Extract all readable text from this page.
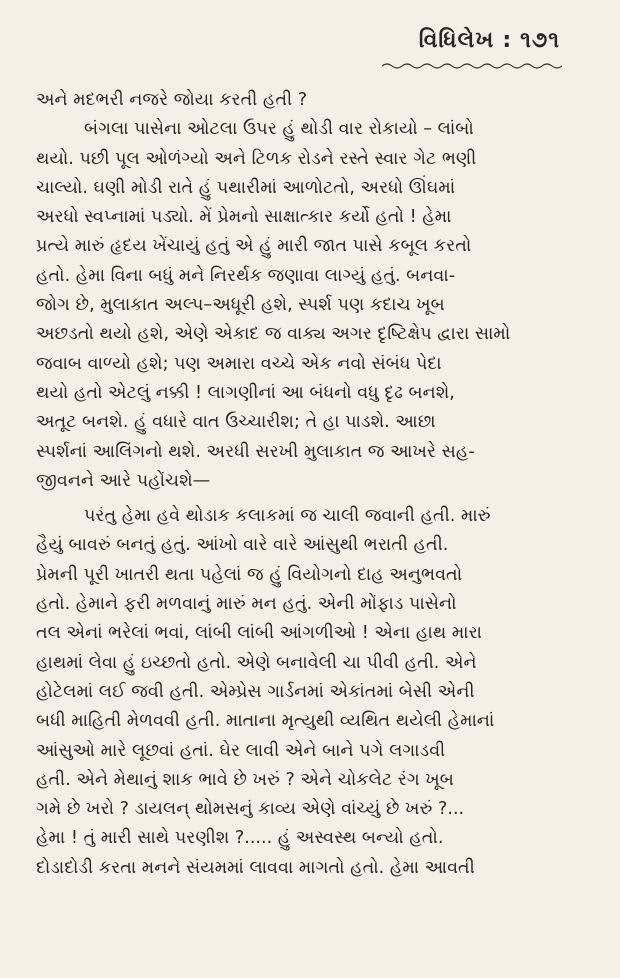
વિધિલેખ : ૧૭૧
અને મદભરી નજરે જોયા કરતી હતી ?
બંગલા પાસેના ઓટલા ઉપર હું થોડી વાર રોકાયો – લાંબો
થયો. પછી પૂલ ઓળંગ્યો અને ટિળક રોડને રસ્તે સ્વાર ગેટ ભણી
ચાલ્યો. ઘણી મોડી રાતે હું પથારીમાં આળોટતો, અરધો ઊંઘમાં
અરધો સ્વપ્નામાં પડ્યો. મેં પ્રેમનો સાક્ષાત્કાર કર્યો હતો ! હેમા
પ્રત્યે મારું હૃદય ખેંચાયું હતું એ હું મારી જાત પાસે કબૂલ કરતો
હતો. હેમા વિના બધું મને નિરર્થક જણાવા લાગ્યું હતું. બનવા-
જોગ છે, મુલાકાત અલ્પ–અધૂરી હશે, સ્પર્શ પણ કદાચ ખૂબ
અછડતો થયો હશે, એણે એકાદ જ વાક્ય અગર દૃષ્ટિક્ષેપ દ્વારા સામો
જવાબ વાળ્યો હશે; પણ અમારા વચ્ચે એક નવો સંબંધ પેદા
થયો હતો એટલું નક્કી ! લાગણીનાં આ બંધનો વધુ દૃઢ બનશે,
અતૂટ બનશે. હું વધારે વાત ઉચ્ચારીશ; તે હા પાડશે. આછા
સ્પર્શનાં આલિંગનો થશે. અરધી સરખી મુલાકાત જ આખરે સહ-
જીવનને આરે પહોંચશે—
પરંતુ હેમા હવે થોડાક કલાકમાં જ ચાલી જવાની હતી. મારું
હૈયું બાવરું બનતું હતું. આંખો વારે વારે આંસુથી ભરાતી હતી.
પ્રેમની પૂરી ખાતરી થતા પહેલાં જ હું વિયોગનો દાહ અનુભવતો
હતો. હેમાને ફરી મળવાનું મારું મન હતું. એની મોંફાડ પાસેનો
તલ એનાં ભરેલાં ભવાં, લાંબી લાંબી આંગળીઓ ! એના હાથ મારા
હાથમાં લેવા હું ઇચ્છતો હતો. એણે બનાવેલી ચા પીવી હતી. એને
હોટેલમાં લઈ જવી હતી. એમ્પ્રેસ ગાર્ડનમાં એકાંતમાં બેસી એની
બધી માહિતી મેળવવી હતી. માતાના મૃત્યુથી વ્યથિત થયેલી હેમાનાં
આંસુઓ મારે લૂછવાં હતાં. ઘેર લાવી એને બાને પગે લગાડવી
હતી. એને મેથાનું શાક ભાવે છે ખરું ? એને ચોકલેટ રંગ ખૂબ
ગમે છે ખરો ? ડાયલન્ થોમસનું કાવ્ય એણે વાંચ્યું છે ખરું ?...
હેમા ! તું મારી સાથે પરણીશ ?..... હું અસ્વસ્થ બન્યો હતો.
દોડાદોડી કરતા મનને સંયમમાં લાવવા માગતો હતો. હેમા આવતી
